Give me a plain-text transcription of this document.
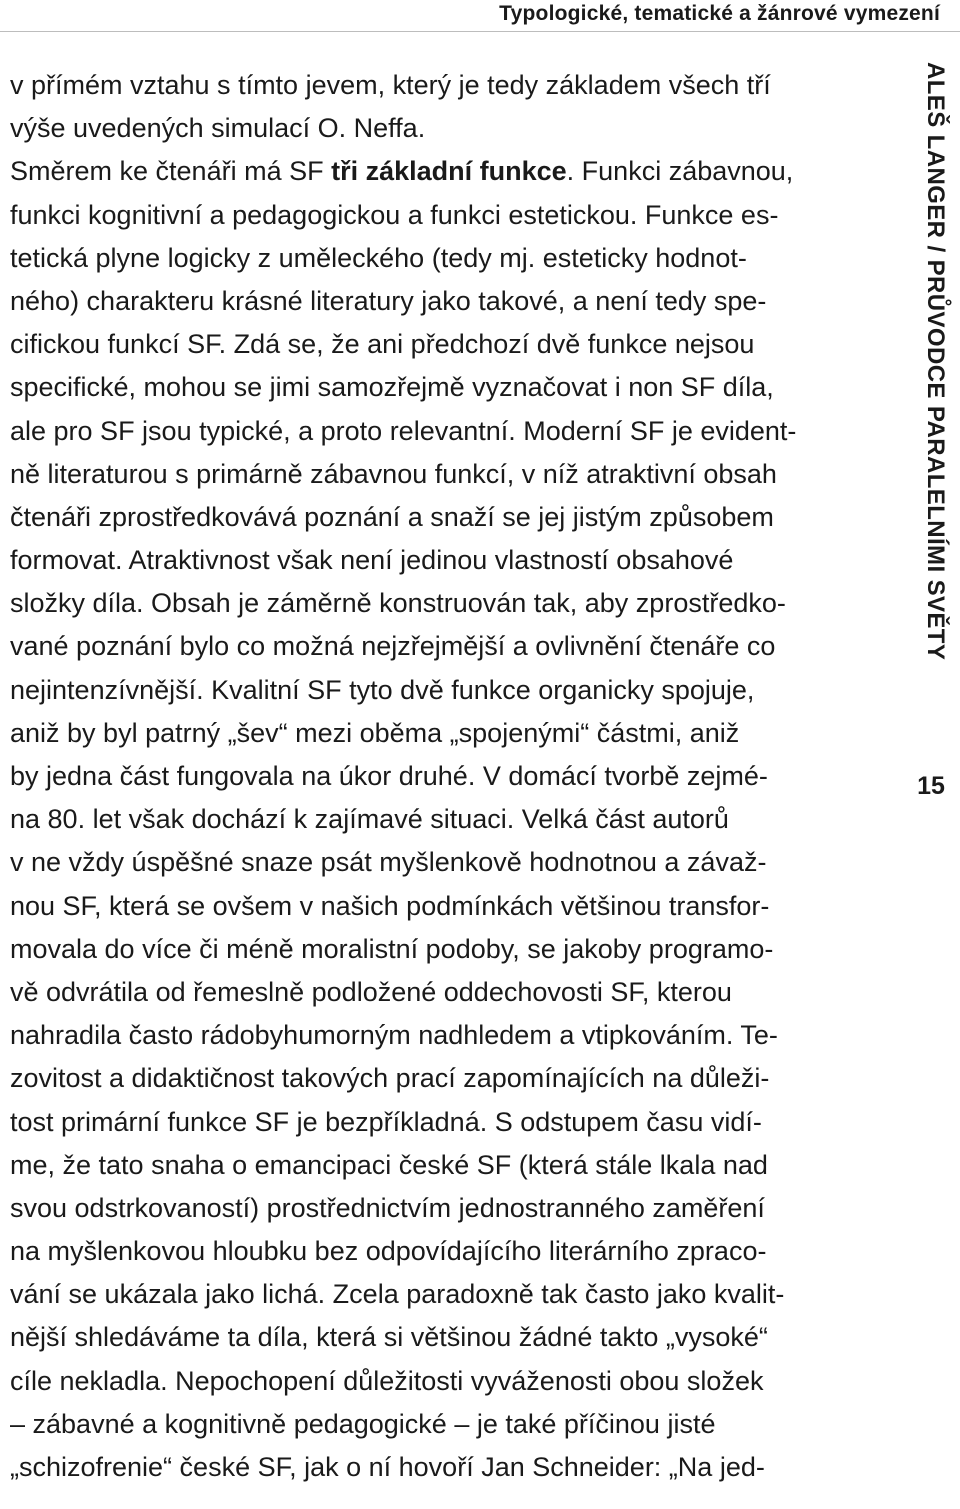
Typologické, tematické a žánrové vymezení
v přímém vztahu s tímto jevem, který je tedy základem všech tří
výše uvedených simulací O. Neffa.
Směrem ke čtenáři má SF tři základní funkce. Funkci zábavnou,
funkci kognitivní a pedagogickou a funkci estetickou. Funkce es-
tetická plyne logicky z uměleckého (tedy mj. esteticky hodnot-
ného) charakteru krásné literatury jako takové, a není tedy spe-
cifickou funkcí SF. Zdá se, že ani předchozí dvě funkce nejsou
specifické, mohou se jimi samozřejmě vyznačovat i non SF díla,
ale pro SF jsou typické, a proto relevantní. Moderní SF je evident-
ně literaturou s primárně zábavnou funkcí, v níž atraktivní obsah
čtenáři zprostředkovává poznání a snaží se jej jistým způsobem
formovat. Atraktivnost však není jedinou vlastností obsahové
složky díla. Obsah je záměrně konstruován tak, aby zprostředko-
vané poznání bylo co možná nejzřejmější a ovlivnění čtenáře co
nejintenzívnější. Kvalitní SF tyto dvě funkce organicky spojuje,
aniž by byl patrný „šev“ mezi oběma „spojenými“ částmi, aniž
by jedna část fungovala na úkor druhé. V domácí tvorbě zejmé-
na 80. let však dochází k zajímavé situaci. Velká část autorů
v ne vždy úspěšné snaze psát myšlenkově hodnotnou a závaž-
nou SF, která se ovšem v našich podmínkách většinou transfor-
movala do více či méně moralistní podoby, se jakoby programo-
vě odvrátila od řemeslně podložené oddechovosti SF, kterou
nahradila často rádobyhumorným nadhledem a vtipkováním. Te-
zovitost a didaktičnost takových prací zapomínajících na důleži-
tost primární funkce SF je bezpříkladná. S odstupem času vidí-
me, že tato snaha o emancipaci české SF (která stále lkala nad
svou odstrkovaností) prostřednictvím jednostranného zaměření
na myšlenkovou hloubku bez odpovídajícího literárního zpraco-
vání se ukázala jako lichá. Zcela paradoxně tak často jako kvalit-
nější shledáváme ta díla, která si většinou žádné takto „vysoké“
cíle nekladla. Nepochopení důležitosti vyváženosti obou složek
– zábavné a kognitivně pedagogické – je také příčinou jisté
„schizofrenie“ české SF, jak o ní hovoří Jan Schneider: „Na jed-
ALEŠ LANGER / PRŮVODCE PARALELNÍMI SVĚTY
15
